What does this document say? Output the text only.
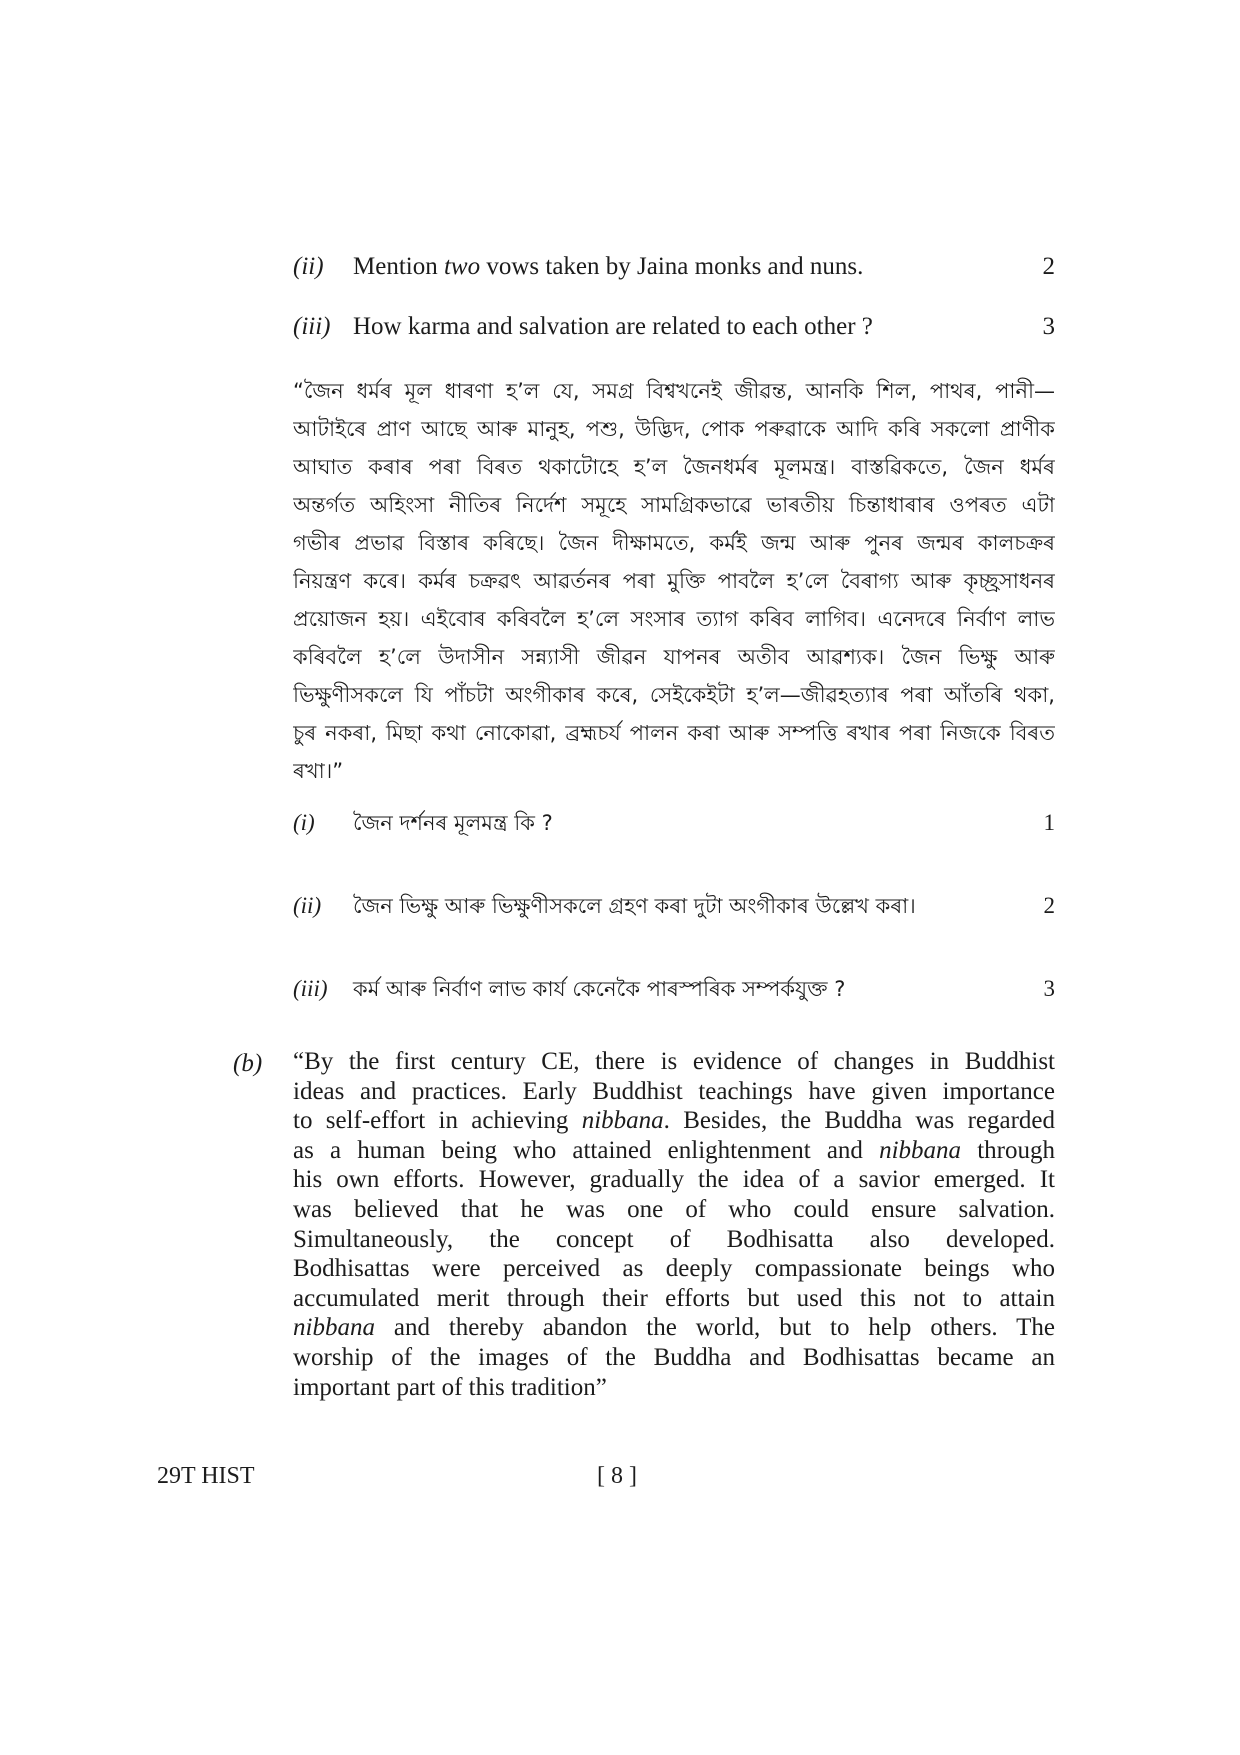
(ii)	Mention two vows taken by Jaina monks and nuns.	2
(iii) How karma and salvation are related to each other ?	3
“জৈন ধৰ্মৰ মূল ধাৰণা হ’ল যে, সমগ্ৰ বিশ্বখনেই জীৱন্ত, আনকি শিল, পাথৰ, পানী—
আটাইৰে প্ৰাণ আছে আৰু মানুহ, পশু, উদ্ভিদ, পোক পৰুৱাকে আদি কৰি সকলো প্ৰাণীক
আঘাত কৰাৰ পৰা বিৰত থকাটোহে হ’ল জৈনধৰ্মৰ মূলমন্ত্ৰ। বাস্তৱিকতে, জৈন ধৰ্মৰ
অন্তৰ্গত অহিংসা নীতিৰ নিৰ্দেশ সমূহে সামগ্ৰিকভাৱে ভাৰতীয় চিন্তাধাৰাৰ ওপৰত এটা
গভীৰ প্ৰভাৱ বিস্তাৰ কৰিছে। জৈন দীক্ষামতে, কৰ্মই জন্ম আৰু পুনৰ জন্মৰ কালচক্ৰৰ
নিয়ন্ত্ৰণ কৰে। কৰ্মৰ চক্ৰৱৎ আৱৰ্তনৰ পৰা মুক্তি পাবলৈ হ’লে বৈৰাগ্য আৰু কৃচ্ছ্ৰসাধনৰ
প্ৰয়োজন হয়। এইবোৰ কৰিবলৈ হ’লে সংসাৰ ত্যাগ কৰিব লাগিব। এনেদৰে নিৰ্বাণ লাভ
কৰিবলৈ হ’লে উদাসীন সন্ন্যাসী জীৱন যাপনৰ অতীব আৱশ্যক। জৈন ভিক্ষু আৰু
ভিক্ষুণীসকলে যি পাঁচটা অংগীকাৰ কৰে, সেইকেইটা হ’ল—জীৱহত্যাৰ পৰা আঁতৰি থকা,
চুৰ নকৰা, মিছা কথা নোকোৱা, ব্ৰহ্মচৰ্য পালন কৰা আৰু সম্পত্তি ৰখাৰ পৰা নিজকে বিৰত
ৰখা।”
(i)	জৈন দৰ্শনৰ মূলমন্ত্ৰ কি ?	1
(ii)	জৈন ভিক্ষু আৰু ভিক্ষুণীসকলে গ্ৰহণ কৰা দুটা অংগীকাৰ উল্লেখ কৰা।	2
(iii)	কৰ্ম আৰু নিৰ্বাণ লাভ কাৰ্য কেনেকৈ পাৰস্পৰিক সম্পৰ্কযুক্ত ?	3
(b) “By the first century CE, there is evidence of changes in Buddhist
ideas and practices. Early Buddhist teachings have given importance
to self-effort in achieving nibbana. Besides, the Buddha was regarded
as a human being who attained enlightenment and nibbana through
his own efforts. However, gradually the idea of a savior emerged. It
was believed that he was one of who could ensure salvation.
Simultaneously, the concept of Bodhisatta also developed.
Bodhisattas were perceived as deeply compassionate beings who
accumulated merit through their efforts but used this not to attain
nibbana and thereby abandon the world, but to help others. The
worship of the images of the Buddha and Bodhisattas became an
important part of this tradition”
29T HIST	[ 8 ]
